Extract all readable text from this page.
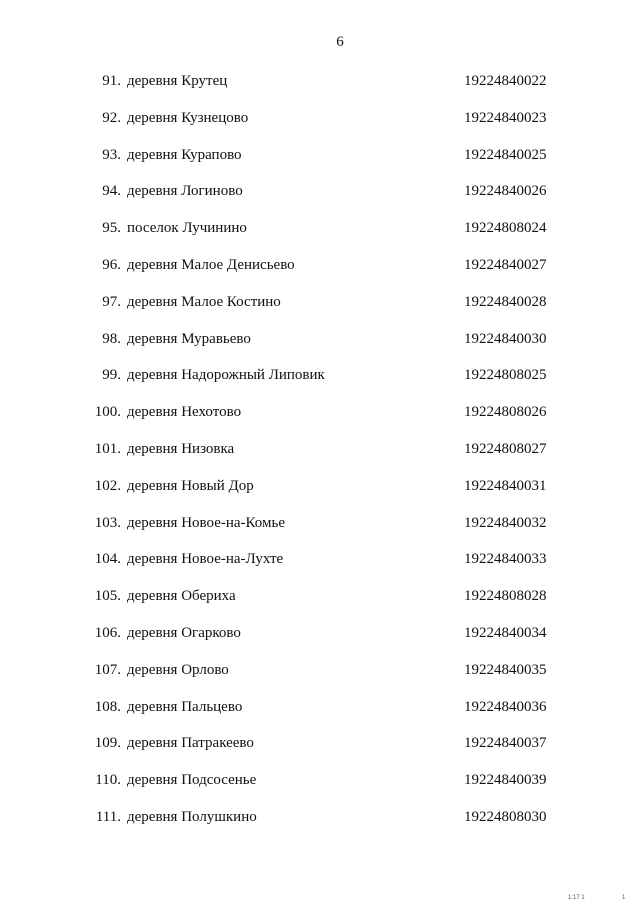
6
91. деревня Крутец	19224840022
92. деревня Кузнецово	19224840023
93. деревня Курапово	19224840025
94. деревня Логиново	19224840026
95. поселок Лучинино	19224808024
96. деревня Малое Денисьево	19224840027
97. деревня Малое Костино	19224840028
98. деревня Муравьево	19224840030
99. деревня Надорожный Липовик	19224808025
100. деревня Нехотово	19224808026
101. деревня Низовка	19224808027
102. деревня Новый Дор	19224840031
103. деревня Новое-на-Комье	19224840032
104. деревня Новое-на-Лухте	19224840033
105. деревня Обериха	19224808028
106. деревня Огарково	19224840034
107. деревня Орлово	19224840035
108. деревня Пальцево	19224840036
109. деревня Патракеево	19224840037
110. деревня Подсосенье	19224840039
111. деревня Полушкино	19224808030
1:17 1	1
